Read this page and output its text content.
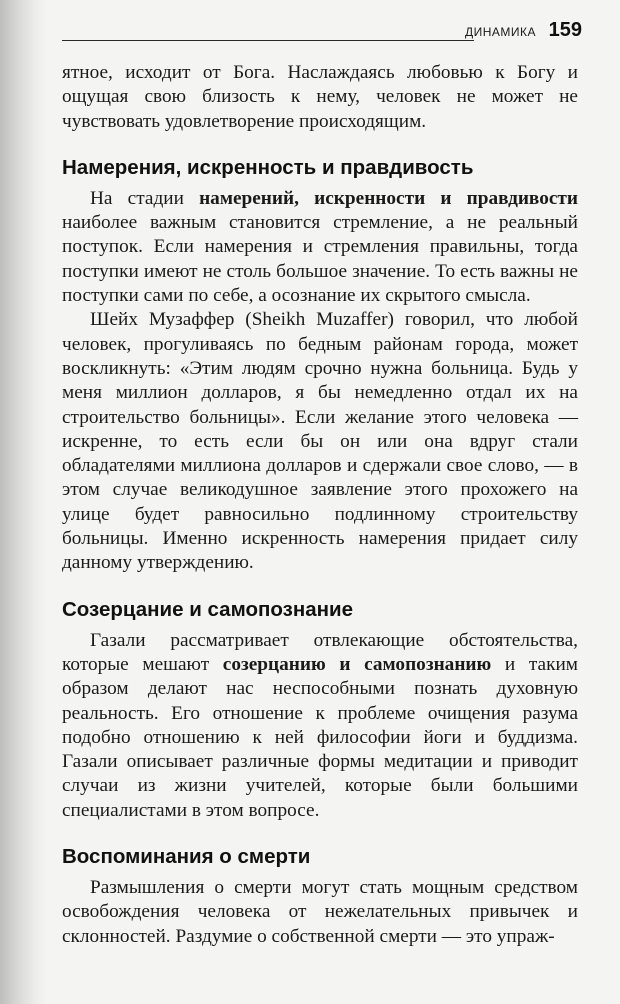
ДИНАМИКА 159

ятное, исходит от Бога. Наслаждаясь любовью к Богу и ощущая свою близость к нему, человек не может не чувствовать удовлетворение происходящим.

Намерения, искренность и правдивость

На стадии намерений, искренности и правдивости наиболее важным становится стремление, а не реальный поступок. Если намерения и стремления правильны, тогда поступки имеют не столь большое значение. То есть важны не поступки сами по себе, а осознание их скрытого смысла.

Шейх Музаффер (Sheikh Muzaffer) говорил, что любой человек, прогуливаясь по бедным районам города, может воскликнуть: «Этим людям срочно нужна больница. Будь у меня миллион долларов, я бы немедленно отдал их на строительство больницы». Если желание этого человека — искренне, то есть если бы он или она вдруг стали обладателями миллиона долларов и сдержали свое слово, — в этом случае великодушное заявление этого прохожего на улице будет равносильно подлинному строительству больницы. Именно искренность намерения придает силу данному утверждению.

Созерцание и самопознание

Газали рассматривает отвлекающие обстоятельства, которые мешают созерцанию и самопознанию и таким образом делают нас неспособными познать духовную реальность. Его отношение к проблеме очищения разума подобно отношению к ней философии йоги и буддизма. Газали описывает различные формы медитации и приводит случаи из жизни учителей, которые были большими специалистами в этом вопросе.

Воспоминания о смерти

Размышления о смерти могут стать мощным средством освобождения человека от нежелательных привычек и склонностей. Раздумие о собственной смерти — это упраж-
